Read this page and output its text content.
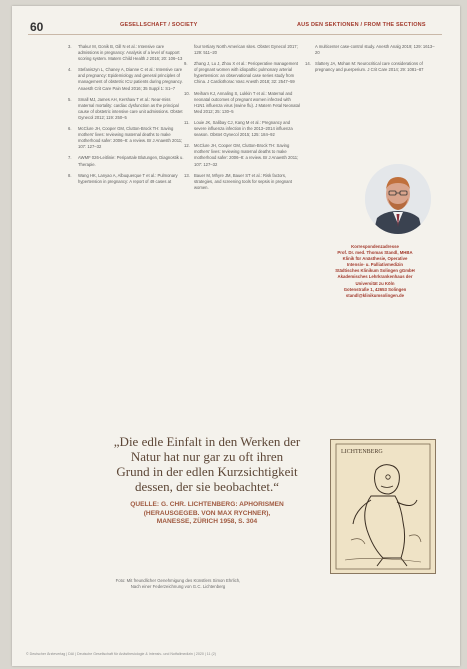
60	GESELLSCHAFT / SOCIETY	AUS DEN SEKTIONEN / FROM THE SECTIONS
3. Thakur M, Gonik B, Gill N et al.: Intensive care admissions in pregnancy: Analysis of a level of support scoring system. Matern Child Health J 2016; 20: 106–13
4. Stefaniszyn L, Chaney A, Dianne C et al.: Intensive care and pregnancy: Epidemiology and general principles of management of obstetric ICU patients during pregnancy. Anaesth Crit Care Pain Med 2016; 35 Suppl 1: S1–7
5. Small MJ, James AH, Kershaw T et al.: Near-miss maternal mortality: cardiac dysfunction as the principal cause of obstetric intensive care unit admissions. Obstet Gynecol 2012; 119: 250–5
6. McClure JH, Cooper GM, Clutton-Brock TH: Saving mothers’ lives: reviewing maternal deaths to make motherhood safer: 2006–8: a review. Br J Anaesth 2011; 107: 127–32
7. AWMF 026-Leitlinie: Peripartale Blutungen, Diagnostik u. Therapie.
8. Wang HK, Lanyao A, Albuquerque T et al.: Pulmonary hypertension in pregnancy: A report of 49 cases at
four tertiary North American sites. Obstet Gynecol 2017; 129: 511–20
9. Zhang J, Lu J, Zhou X et al.: Perioperative management of pregnant women with idiopathic pulmonary arterial hypertension: an observational case series study from China. J Cardiothorac Vasc Anesth 2018; 32: 2547–59
10. Meiham KJ, Annaling S, Lukkin T et al.: Maternal and neonatal outcomes of pregnant women infected with H1N1 influenza virus (swine flu). J Matern Fetal Neonatal Med 2012; 25: 130–5
11. Louie JK, Salibay CJ, Kang M et al.: Pregnancy and severe influenza infection in the 2013–2014 influenza season. Obstet Gynecol 2015; 125: 184–92
12. McClure JH, Cooper GM, Clutton-Brock TH: Saving mothers’ lives: reviewing maternal deaths to make motherhood safer: 2006–8: a review. Br J Anaesth 2011; 107: 127–32
13. Bauer M, Mhyre JM, Bauer ST et al.: Risk factors, strategies, and screening tools for sepsis in pregnant women.
A multicenter case-control study. Anesth Analg 2019; 129: 1613–20
14. Slattery JA, Mohan M: Neurocritical care considerations of pregnancy and puerperium. J Crit Care 2014; 29: 1081–87
Korrespondenzadresse
Prof. Dr. med. Thomas Standl, MHBA
Klinik für Anästhesie, Operative
Intensiv- u. Palliativmedizin
Städtisches Klinikum Solingen gGmbH
Akademisches Lehrkrankenhaus der
Universität zu Köln
Gotenstraße 1, 42653 Solingen
standl@klinikumsolingen.de
„Die edle Einfalt in den Werken der
Natur hat nur gar zu oft ihren
Grund in der edlen Kurzsichtigkeit
dessen, der sie beobachtet.“
QUELLE: G. CHR. LICHTENBERG: APHORISMEN
(HERAUSGEGEB. VON MAX RYCHNER),
MANESSE, ZÜRICH 1958, S. 304
LICHTENBERG
Foto: Mit freundlicher Genehmigung des Künstlers Simon Ehrlich,
Nach einer Federzeichnung von G.C. Lichtenberg
© Deutscher Ärzteverlag | DAI | Deutsche Gesellschaft für Anästhesiologie & Intensiv- und Notfallmedizin | 2020 | 11 (2)
